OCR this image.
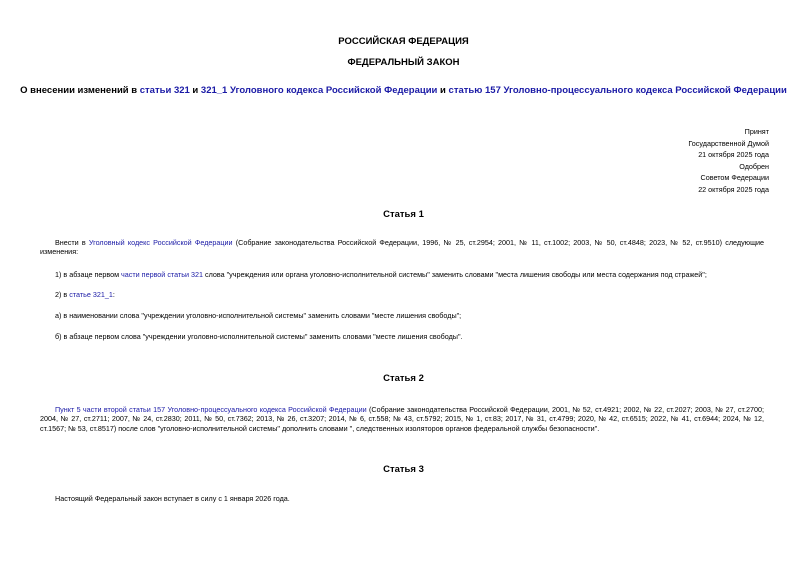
РОССИЙСКАЯ ФЕДЕРАЦИЯ
ФЕДЕРАЛЬНЫЙ ЗАКОН
О внесении изменений в статьи 321 и 321_1 Уголовного кодекса Российской Федерации и статью 157 Уголовно-процессуального кодекса Российской Федерации
Принят
Государственной Думой
21 октября 2025 года
Одобрен
Советом Федерации
22 октября 2025 года
Статья 1
Внести в Уголовный кодекс Российской Федерации (Собрание законодательства Российской Федерации, 1996, № 25, ст.2954; 2001, № 11, ст.1002; 2003, № 50, ст.4848; 2023, № 52, ст.9510) следующие изменения:
1) в абзаце первом части первой статьи 321 слова "учреждения или органа уголовно-исполнительной системы" заменить словами "места лишения свободы или места содержания под стражей";
2) в статье 321_1:
а) в наименовании слова "учреждении уголовно-исполнительной системы" заменить словами "месте лишения свободы";
б) в абзаце первом слова "учреждении уголовно-исполнительной системы" заменить словами "месте лишения свободы".
Статья 2
Пункт 5 части второй статьи 157 Уголовно-процессуального кодекса Российской Федерации (Собрание законодательства Российской Федерации, 2001, № 52, ст.4921; 2002, № 22, ст.2027; 2003, № 27, ст.2700; 2004, № 27, ст.2711; 2007, № 24, ст.2830; 2011, № 50, ст.7362; 2013, № 26, ст.3207; 2014, № 6, ст.558; № 43, ст.5792; 2015, № 1, ст.83; 2017, № 31, ст.4799; 2020, № 42, ст.6515; 2022, № 41, ст.6944; 2024, № 12, ст.1567; № 53, ст.8517) после слов "уголовно-исполнительной системы" дополнить словами ", следственных изоляторов органов федеральной службы безопасности".
Статья 3
Настоящий Федеральный закон вступает в силу с 1 января 2026 года.
